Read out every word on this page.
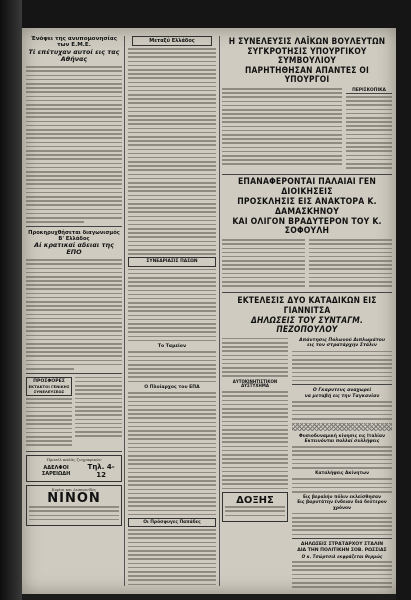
Ένόψει της ανυπομονησίας των Ε.Μ.Ε.
Τί επέτυχαν αυτοί εις τας Αθήνας
Προκηρυχθήσεται διαγωνισμός Β' Ελλάδος
Αί κρατικαί αδειαι της ΕΠΟ
ΠΡΟΣΦΟΡΕΣ
ΕΚΤΑΚΤΟΙ ΓΕΝΙΚΗΣ ΣΥΝΕΛΕΥΣΕΩΣ
Προσέλ καλάς ζωγραφικών
ΑΔΕΛΦΟΙ ΣΑΡΕΙΩΔΗ
Τηλ. 4-12
Κυρίαι και Δεσποινίδες
NINON
Μεταξύ Ελλάδος
ΣΥΝΕΔΡΙΑΣΙΣ ΠΑΣΩΝ
Το Ταμείον
Ο Πλοίαρχος του ΕΠΑ
Οι Πρόσφυγες Παπάδες
Η ΣΥΝΕΛΕΥΣΙΣ ΛΑΪΚΩΝ ΒΟΥΛΕΥΤΩΝ
ΣΥΓΚΡΟΤΗΣΙΣ ΥΠΟΥΡΓΙΚΟΥ ΣΥΜΒΟΥΛΙΟΥ
ΠΑΡΗΤΗΘΗΣΑΝ ΑΠΑΝΤΕΣ ΟΙ ΥΠΟΥΡΓΟΙ
ΠΕΡΙΣΚΟΠΙΚΑ
ΕΠΑΝΑΦΕΡΟΝΤΑΙ ΠΑΛΑΙΑΙ ΓΕΝ ΔΙΟΙΚΗΣΕΙΣ
ΠΡΟΣΚΛΗΣΙΣ ΕΙΣ ΑΝΑΚΤΟΡΑ Κ. ΔΑΜΑΣΚΗΝΟΥ
ΚΑΙ ΟΛΙΓΟΝ ΒΡΑΔΥΤΕΡΟΝ ΤΟΥ Κ. ΣΟΦΟΥΛΗ
ΕΚΤΕΛΕΣΙΣ ΔΥΟ ΚΑΤΑΔΙΚΩΝ ΕΙΣ ΓΙΑΝΝΙΤΣΑ
ΔΗΛΩΣΕΙΣ ΤΟΥ ΣΥΝΤΑΓΜ. ΠΕΖΟΠΟΥΛΟΥ
ΑΥΤΟΚΙΝΗΤΙΣΤΙΚΟΝ ΔΥΣΤΥΧΗΜΑ
ΔΟΞΗΣ
Απάντησις Πολωνού Διπλωμάτου
εις τον στρατάρχην Στάλιν
Ο Γκαρντενς αναχωρεί
να μεταβή εις την Ταγκανίαν
Φυσιοδυναμική κίνησις εις Ιταλίαν
Εκτεινόνται πολλαί συλλήψεις
Καταλήψεις Ακίνητων
Εις βεραλήν πόλιν εκλείσθησαν
Εις βαρυτάτην ένδειαν διά δεύτερον χρόνον
ΔΗΛΩΣΕΙΣ ΣΤΡΑΤΑΡΧΟΥ ΣΤΑΛΙΝ
ΔΙΑ ΤΗΝ ΠΟΛΙΤΙΚΗΝ ΣΟΒ. ΡΩΣΣΙΑΣ
Ο κ. Τσώρτσιλ εκφράζεται θερμώς
